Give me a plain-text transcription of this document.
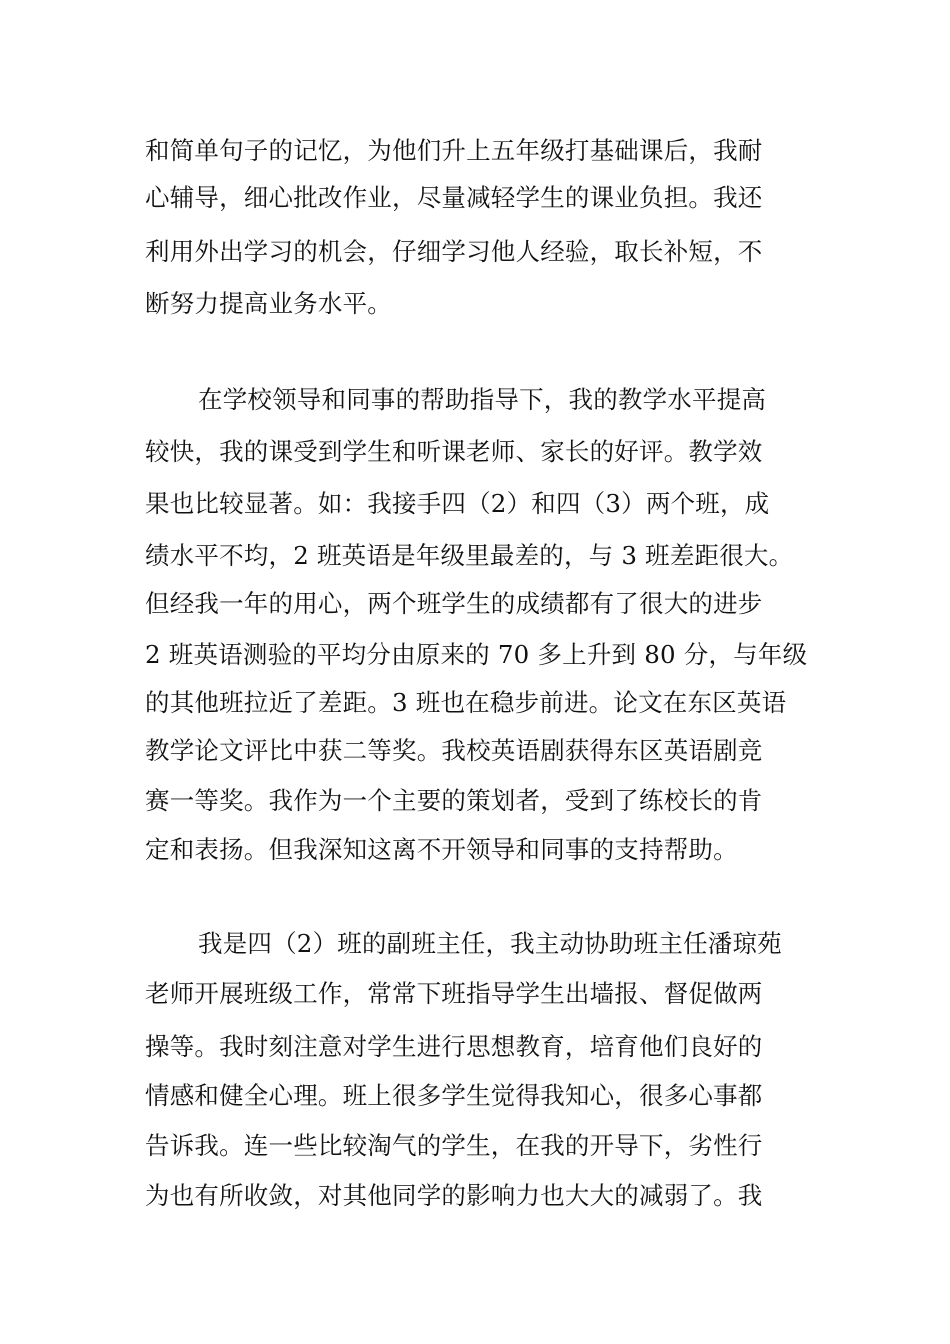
和简单句子的记忆，为他们升上五年级打基础课后，我耐
心辅导，细心批改作业，尽量减轻学生的课业负担。我还
利用外出学习的机会，仔细学习他人经验，取长补短，不
断努力提高业务水平。
在学校领导和同事的帮助指导下，我的教学水平提高
较快，我的课受到学生和听课老师、家长的好评。教学效
果也比较显著。如：我接手四（2）和四（3）两个班，成
绩水平不均，2 班英语是年级里最差的，与 3 班差距很大。
但经我一年的用心，两个班学生的成绩都有了很大的进步
2 班英语测验的平均分由原来的 70 多上升到 80 分，与年级
的其他班拉近了差距。3 班也在稳步前进。论文在东区英语
教学论文评比中获二等奖。我校英语剧获得东区英语剧竞
赛一等奖。我作为一个主要的策划者，受到了练校长的肯
定和表扬。但我深知这离不开领导和同事的支持帮助。
我是四（2）班的副班主任，我主动协助班主任潘琼苑
老师开展班级工作，常常下班指导学生出墙报、督促做两
操等。我时刻注意对学生进行思想教育，培育他们良好的
情感和健全心理。班上很多学生觉得我知心，很多心事都
告诉我。连一些比较淘气的学生，在我的开导下，劣性行
为也有所收敛，对其他同学的影响力也大大的减弱了。我
